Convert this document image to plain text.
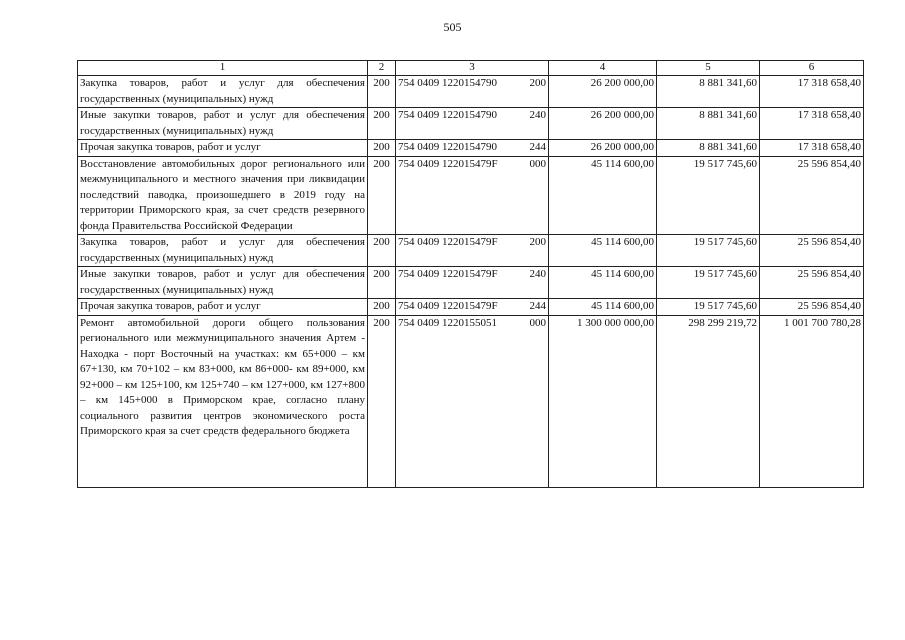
505
1	2	3	4	5	6
Закупка товаров, работ и услуг для обеспечения государственных (муниципальных) нужд	200	754 0409 1220154790 200	26 200 000,00	8 881 341,60	17 318 658,40
Иные закупки товаров, работ и услуг для обеспечения государственных (муниципальных) нужд	200	754 0409 1220154790 240	26 200 000,00	8 881 341,60	17 318 658,40
Прочая закупка товаров, работ и услуг	200	754 0409 1220154790 244	26 200 000,00	8 881 341,60	17 318 658,40
Восстановление автомобильных дорог регионального или межмуниципального и местного значения при ликвидации последствий паводка, произошедшего в 2019 году на территории Приморского края, за счет средств резервного фонда Правительства Российской Федерации	200	754 0409 122015479F 000	45 114 600,00	19 517 745,60	25 596 854,40
Закупка товаров, работ и услуг для обеспечения государственных (муниципальных) нужд	200	754 0409 122015479F 200	45 114 600,00	19 517 745,60	25 596 854,40
Иные закупки товаров, работ и услуг для обеспечения государственных (муниципальных) нужд	200	754 0409 122015479F 240	45 114 600,00	19 517 745,60	25 596 854,40
Прочая закупка товаров, работ и услуг	200	754 0409 122015479F 244	45 114 600,00	19 517 745,60	25 596 854,40
Ремонт автомобильной дороги общего пользования регионального или межмуниципального значения Артем - Находка - порт Восточный на участках: км 65+000 – км 67+130, км 70+102 – км 83+000, км 86+000- км 89+000, км 92+000 – км 125+100, км 125+740 – км 127+000, км 127+800 – км 145+000 в Приморском крае, согласно плану социального развития центров экономического роста Приморского края за счет средств федерального бюджета	200	754 0409 1220155051 000	1 300 000 000,00	298 299 219,72	1 001 700 780,28
